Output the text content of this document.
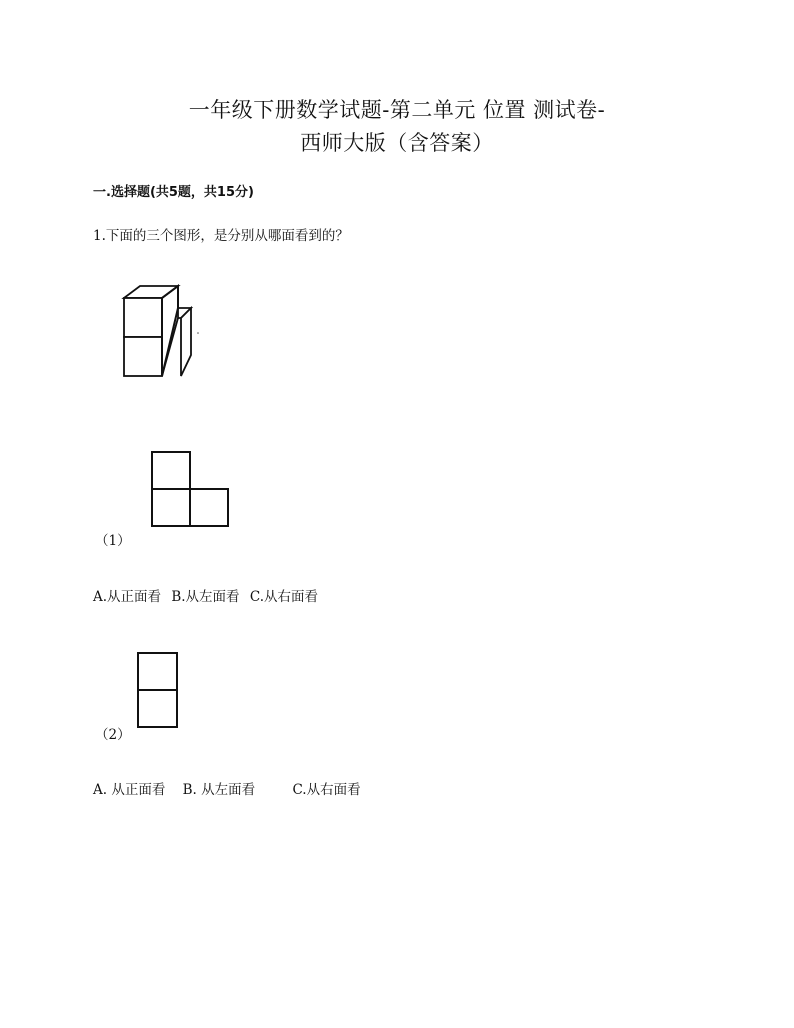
一年级下册数学试题-第二单元 位置 测试卷-
西师大版（含答案）
一.选择题(共5题，共15分)
1.下面的三个图形，是分别从哪面看到的？
（1）
A.从正面看 B.从左面看 C.从右面看
（2）
A. 从正面看 B. 从左面看	C.从右面看
